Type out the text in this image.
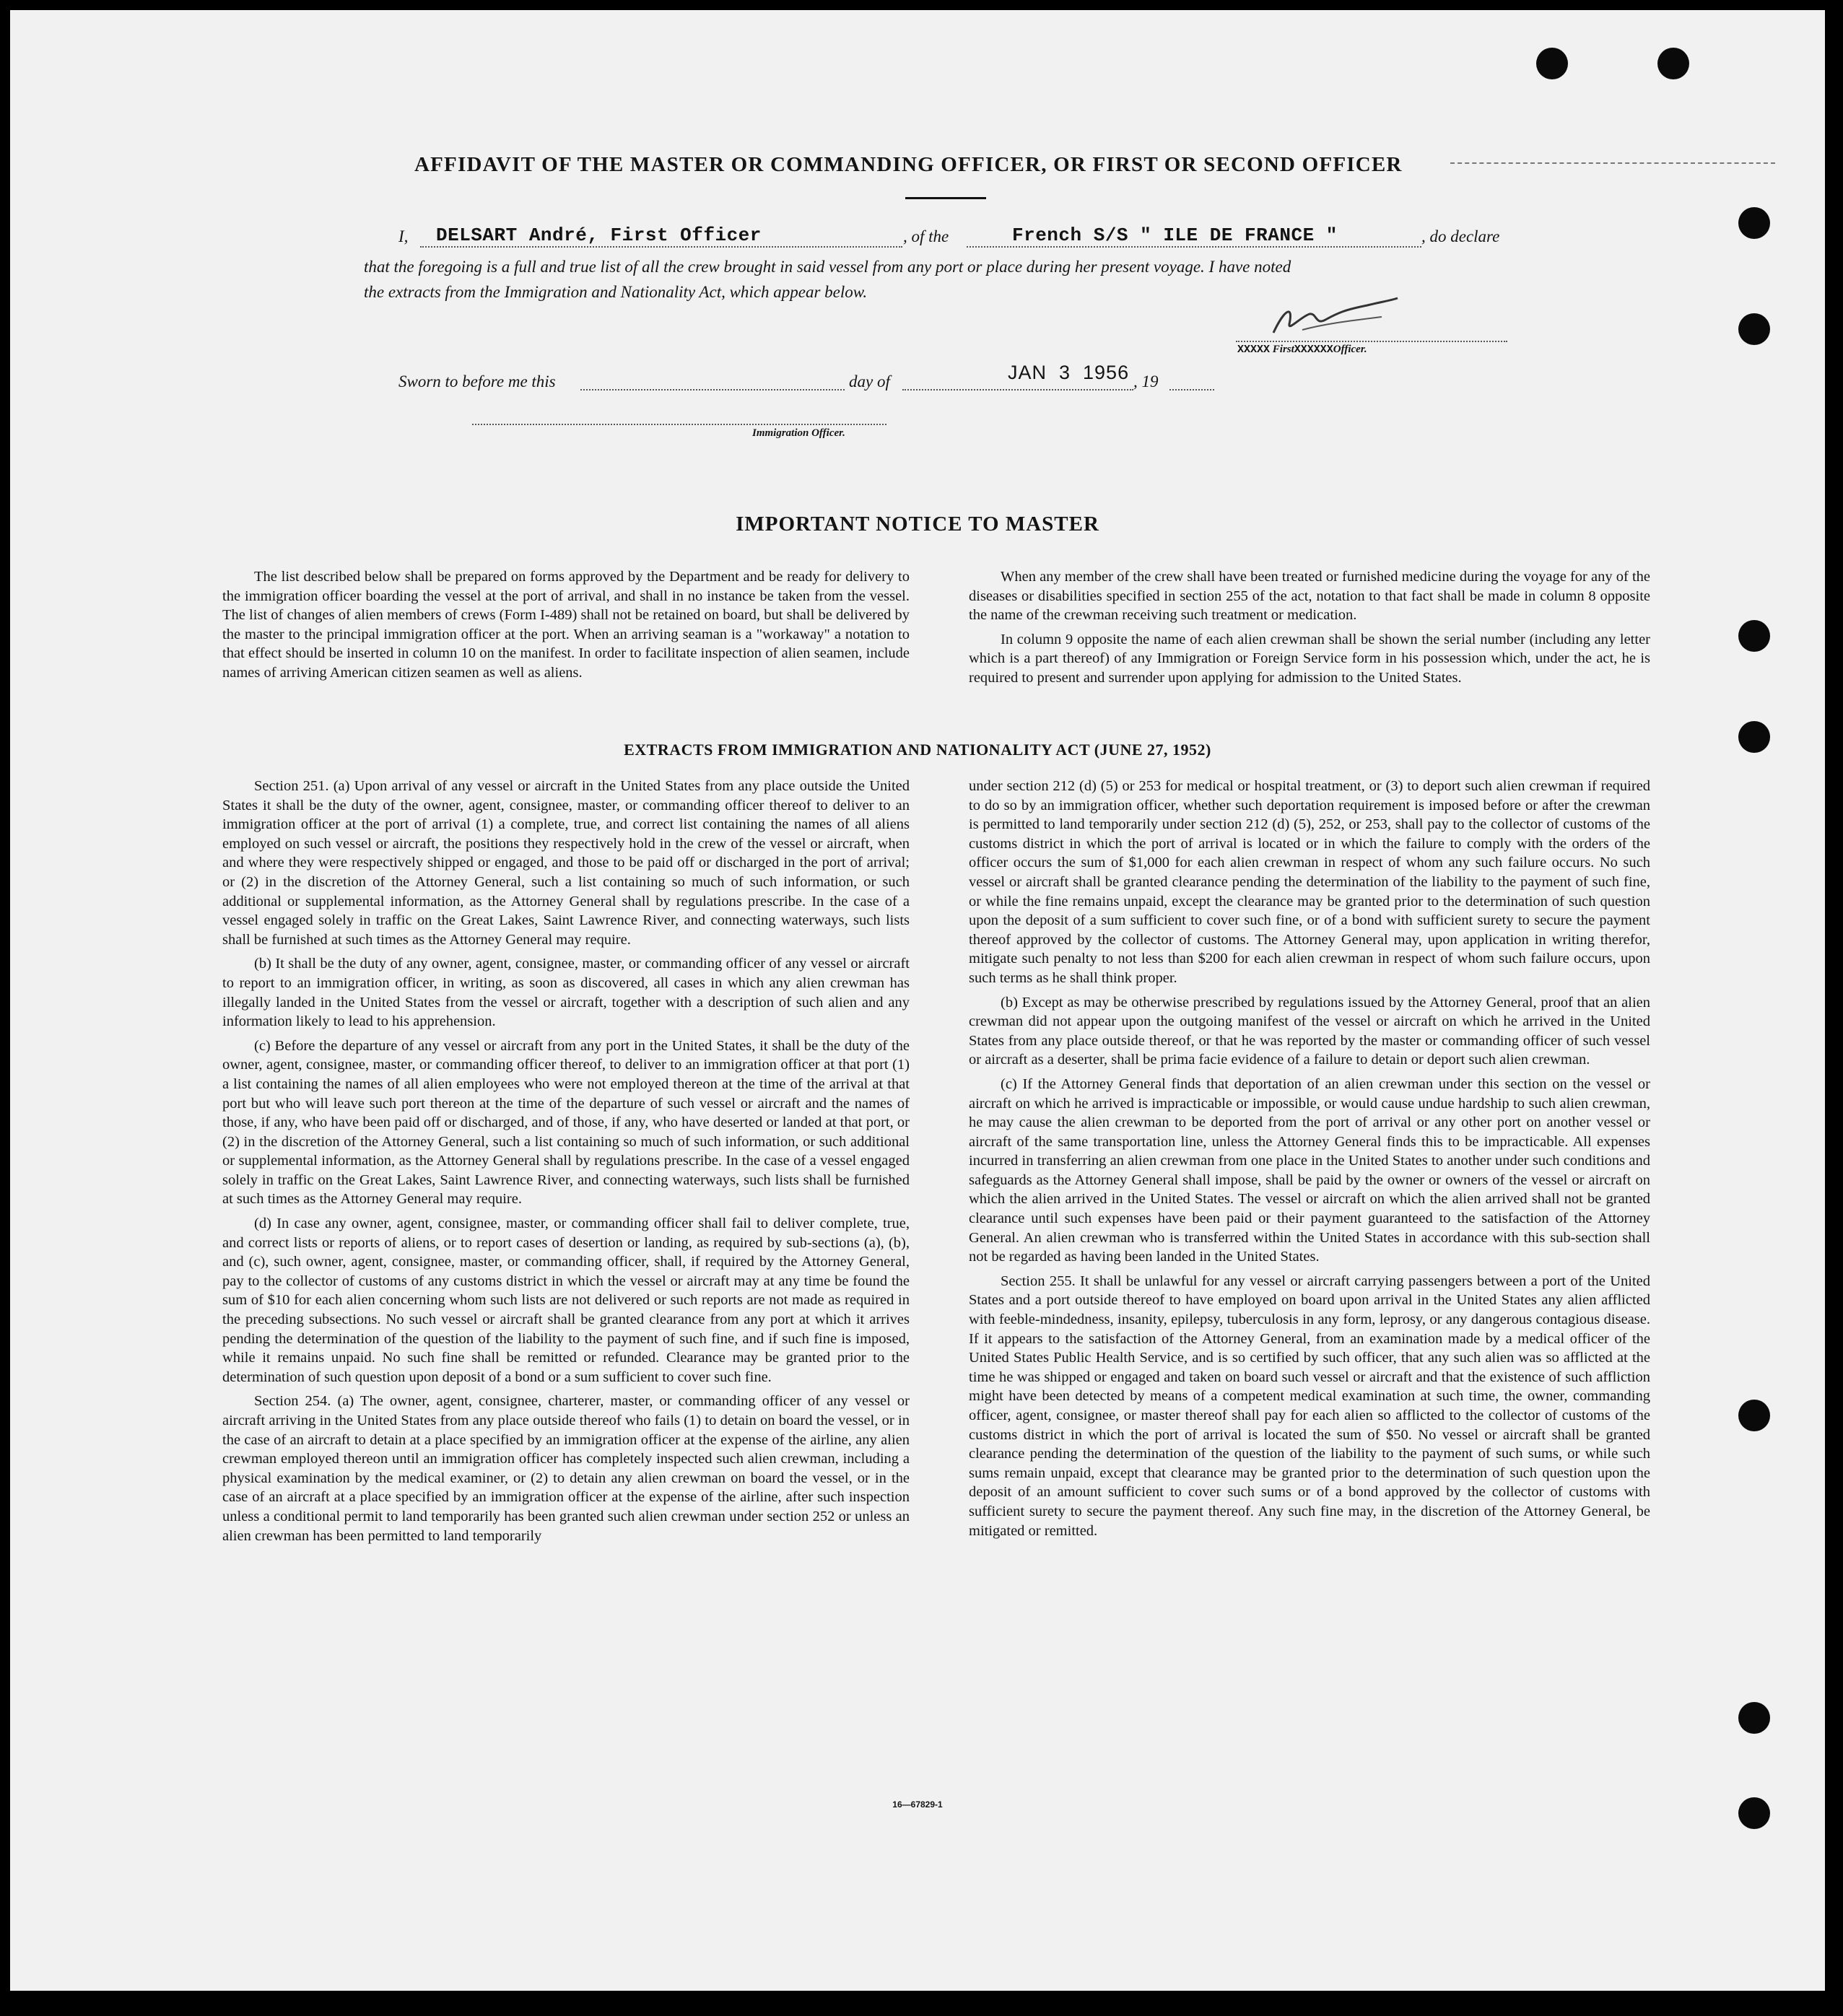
AFFIDAVIT OF THE MASTER OR COMMANDING OFFICER, OR FIRST OR SECOND OFFICER
I, DELSART André, First Officer	, of the	French S/S " ILE DE FRANCE "	, do declare
that the foregoing is a full and true list of all the crew brought in said vessel from any port or place during her present voyage. I have noted
the extracts from the Immigration and Nationality Act, which appear below.
XXXXX FirstXXXXXXOfficer.
Sworn to before me this	day of	JAN  3  1956 , 19
Immigration Officer.
IMPORTANT NOTICE TO MASTER

The list described below shall be prepared on forms approved by the Department and be ready for delivery to the immigration officer boarding the vessel at the port of arrival, and shall in no instance be taken from the vessel. The list of changes of alien members of crews (Form I-489) shall not be retained on board, but shall be delivered by the master to the principal immigration officer at the port. When an arriving seaman is a "workaway" a notation to that effect should be inserted in column 10 on the manifest. In order to facilitate inspection of alien seamen, include names of arriving American citizen seamen as well as aliens.

When any member of the crew shall have been treated or furnished medicine during the voyage for any of the diseases or disabilities specified in section 255 of the act, notation to that fact shall be made in column 8 opposite the name of the crewman receiving such treatment or medication.

In column 9 opposite the name of each alien crewman shall be shown the serial number (including any letter which is a part thereof) of any Immigration or Foreign Service form in his possession which, under the act, he is required to present and surrender upon applying for admission to the United States.

EXTRACTS FROM IMMIGRATION AND NATIONALITY ACT (JUNE 27, 1952)

Section 251. (a) Upon arrival of any vessel or aircraft in the United States from any place outside the United States it shall be the duty of the owner, agent, consignee, master, or commanding officer thereof to deliver to an immigration officer at the port of arrival (1) a complete, true, and correct list containing the names of all aliens employed on such vessel or aircraft, the positions they respectively hold in the crew of the vessel or aircraft, when and where they were respectively shipped or engaged, and those to be paid off or discharged in the port of arrival; or (2) in the discretion of the Attorney General, such a list containing so much of such information, or such additional or supplemental information, as the Attorney General shall by regulations prescribe. In the case of a vessel engaged solely in traffic on the Great Lakes, Saint Lawrence River, and connecting waterways, such lists shall be furnished at such times as the Attorney General may require.

(b) It shall be the duty of any owner, agent, consignee, master, or commanding officer of any vessel or aircraft to report to an immigration officer, in writing, as soon as discovered, all cases in which any alien crewman has illegally landed in the United States from the vessel or aircraft, together with a description of such alien and any information likely to lead to his apprehension.

(c) Before the departure of any vessel or aircraft from any port in the United States, it shall be the duty of the owner, agent, consignee, master, or commanding officer thereof, to deliver to an immigration officer at that port (1) a list containing the names of all alien employees who were not employed thereon at the time of the arrival at that port but who will leave such port thereon at the time of the departure of such vessel or aircraft and the names of those, if any, who have been paid off or discharged, and of those, if any, who have deserted or landed at that port, or (2) in the discretion of the Attorney General, such a list containing so much of such information, or such additional or supplemental information, as the Attorney General shall by regulations prescribe. In the case of a vessel engaged solely in traffic on the Great Lakes, Saint Lawrence River, and connecting waterways, such lists shall be furnished at such times as the Attorney General may require.

(d) In case any owner, agent, consignee, master, or commanding officer shall fail to deliver complete, true, and correct lists or reports of aliens, or to report cases of desertion or landing, as required by sub-sections (a), (b), and (c), such owner, agent, consignee, master, or commanding officer, shall, if required by the Attorney General, pay to the collector of customs of any customs district in which the vessel or aircraft may at any time be found the sum of $10 for each alien concerning whom such lists are not delivered or such reports are not made as required in the preceding subsections. No such vessel or aircraft shall be granted clearance from any port at which it arrives pending the determination of the question of the liability to the payment of such fine, and if such fine is imposed, while it remains unpaid. No such fine shall be remitted or refunded. Clearance may be granted prior to the determination of such question upon deposit of a bond or a sum sufficient to cover such fine.

Section 254. (a) The owner, agent, consignee, charterer, master, or commanding officer of any vessel or aircraft arriving in the United States from any place outside thereof who fails (1) to detain on board the vessel, or in the case of an aircraft to detain at a place specified by an immigration officer at the expense of the airline, any alien crewman employed thereon until an immigration officer has completely inspected such alien crewman, including a physical examination by the medical examiner, or (2) to detain any alien crewman on board the vessel, or in the case of an aircraft at a place specified by an immigration officer at the expense of the airline, after such inspection unless a conditional permit to land temporarily has been granted such alien crewman under section 252 or unless an alien crewman has been permitted to land temporarily

under section 212 (d) (5) or 253 for medical or hospital treatment, or (3) to deport such alien crewman if required to do so by an immigration officer, whether such deportation requirement is imposed before or after the crewman is permitted to land temporarily under section 212 (d) (5), 252, or 253, shall pay to the collector of customs of the customs district in which the port of arrival is located or in which the failure to comply with the orders of the officer occurs the sum of $1,000 for each alien crewman in respect of whom any such failure occurs. No such vessel or aircraft shall be granted clearance pending the determination of the liability to the payment of such fine, or while the fine remains unpaid, except the clearance may be granted prior to the determination of such question upon the deposit of a sum sufficient to cover such fine, or of a bond with sufficient surety to secure the payment thereof approved by the collector of customs. The Attorney General may, upon application in writing therefor, mitigate such penalty to not less than $200 for each alien crewman in respect of whom such failure occurs, upon such terms as he shall think proper.

(b) Except as may be otherwise prescribed by regulations issued by the Attorney General, proof that an alien crewman did not appear upon the outgoing manifest of the vessel or aircraft on which he arrived in the United States from any place outside thereof, or that he was reported by the master or commanding officer of such vessel or aircraft as a deserter, shall be prima facie evidence of a failure to detain or deport such alien crewman.

(c) If the Attorney General finds that deportation of an alien crewman under this section on the vessel or aircraft on which he arrived is impracticable or impossible, or would cause undue hardship to such alien crewman, he may cause the alien crewman to be deported from the port of arrival or any other port on another vessel or aircraft of the same transportation line, unless the Attorney General finds this to be impracticable. All expenses incurred in transferring an alien crewman from one place in the United States to another under such conditions and safeguards as the Attorney General shall impose, shall be paid by the owner or owners of the vessel or aircraft on which the alien arrived in the United States. The vessel or aircraft on which the alien arrived shall not be granted clearance until such expenses have been paid or their payment guaranteed to the satisfaction of the Attorney General. An alien crewman who is transferred within the United States in accordance with this sub-section shall not be regarded as having been landed in the United States.

Section 255. It shall be unlawful for any vessel or aircraft carrying passengers between a port of the United States and a port outside thereof to have employed on board upon arrival in the United States any alien afflicted with feeble-mindedness, insanity, epilepsy, tuberculosis in any form, leprosy, or any dangerous contagious disease. If it appears to the satisfaction of the Attorney General, from an examination made by a medical officer of the United States Public Health Service, and is so certified by such officer, that any such alien was so afflicted at the time he was shipped or engaged and taken on board such vessel or aircraft and that the existence of such affliction might have been detected by means of a competent medical examination at such time, the owner, commanding officer, agent, consignee, or master thereof shall pay for each alien so afflicted to the collector of customs of the customs district in which the port of arrival is located the sum of $50. No vessel or aircraft shall be granted clearance pending the determination of the question of the liability to the payment of such sums, or while such sums remain unpaid, except that clearance may be granted prior to the determination of such question upon the deposit of an amount sufficient to cover such sums or of a bond approved by the collector of customs with sufficient surety to secure the payment thereof. Any such fine may, in the discretion of the Attorney General, be mitigated or remitted.

16—67829-1
